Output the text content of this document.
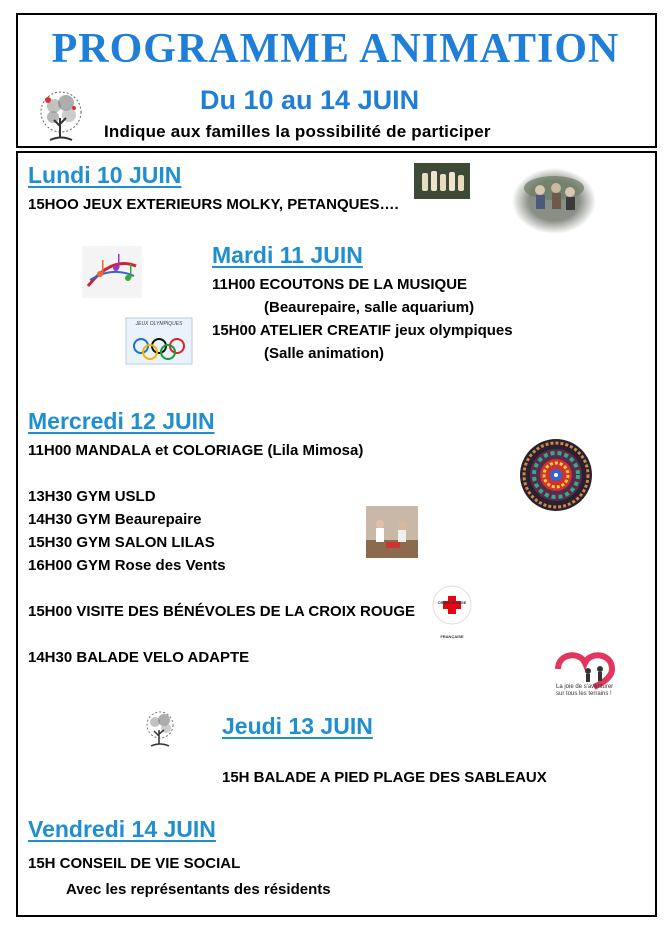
PROGRAMME ANIMATION
Du 10 au 14 JUIN
Indique aux familles la possibilité de participer
Lundi 10 JUIN
15HOO JEUX EXTERIEURS MOLKY, PETANQUES….
Mardi 11 JUIN
11H00 ECOUTONS DE LA MUSIQUE
(Beaurepaire, salle aquarium)
15H00 ATELIER CREATIF jeux olympiques
(Salle animation)
JEUX OLYMPIQUES
Mercredi 12 JUIN
11H00 MANDALA et COLORIAGE (Lila Mimosa)
13H30 GYM USLD
14H30 GYM Beaurepaire
15H30 GYM SALON LILAS
16H00 GYM Rose des Vents
15H00 VISITE DES BÉNÉVOLES DE LA CROIX ROUGE
14H30 BALADE VELO ADAPTE
CROIX-ROUGE FRANÇAISE
La joie de s'aventurer sur tous les terrains !
Jeudi 13 JUIN
15H BALADE A PIED PLAGE DES SABLEAUX
Vendredi 14 JUIN
15H CONSEIL DE VIE SOCIAL
Avec les représentants des résidents
